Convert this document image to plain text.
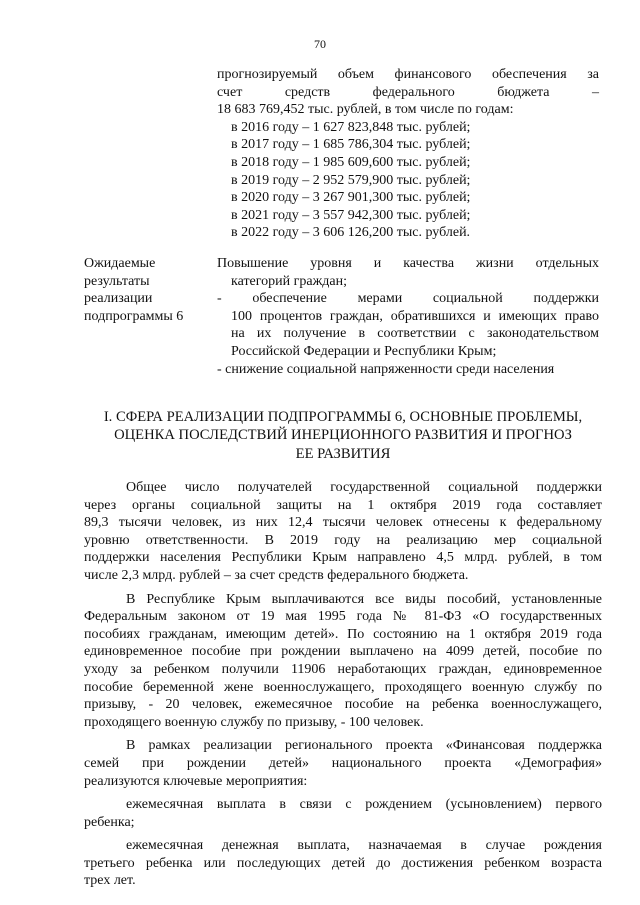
70
прогнозируемый объем финансового обеспечения за
счет средств федерального бюджета –
18 683 769,452 тыс. рублей, в том числе по годам:
в 2016 году – 1 627 823,848 тыс. рублей;
в 2017 году – 1 685 786,304 тыс. рублей;
в 2018 году – 1 985 609,600 тыс. рублей;
в 2019 году – 2 952 579,900 тыс. рублей;
в 2020 году – 3 267 901,300 тыс. рублей;
в 2021 году – 3 557 942,300 тыс. рублей;
в 2022 году – 3 606 126,200 тыс. рублей.
Ожидаемые
результаты
реализации
подпрограммы 6
Повышение уровня и качества жизни отдельных
категорий граждан;
- обеспечение мерами социальной поддержки
100 процентов граждан, обратившихся и имеющих право
на их получение в соответствии с законодательством
Российской Федерации и Республики Крым;
- снижение социальной напряженности среди населения
I. СФЕРА РЕАЛИЗАЦИИ ПОДПРОГРАММЫ 6, ОСНОВНЫЕ ПРОБЛЕМЫ,
ОЦЕНКА ПОСЛЕДСТВИЙ ИНЕРЦИОННОГО РАЗВИТИЯ И ПРОГНОЗ
ЕЕ РАЗВИТИЯ
Общее число получателей государственной социальной поддержки
через органы социальной защиты на 1 октября 2019 года составляет
89,3 тысячи человек, из них 12,4 тысячи человек отнесены к федеральному
уровню ответственности. В 2019 году на реализацию мер социальной
поддержки населения Республики Крым направлено 4,5 млрд. рублей, в том
числе 2,3 млрд. рублей – за счет средств федерального бюджета.
В Республике Крым выплачиваются все виды пособий, установленные
Федеральным законом от 19 мая 1995 года № 81-ФЗ «О государственных
пособиях гражданам, имеющим детей». По состоянию на 1 октября 2019 года
единовременное пособие при рождении выплачено на 4099 детей, пособие по
уходу за ребенком получили 11906 неработающих граждан, единовременное
пособие беременной жене военнослужащего, проходящего военную службу по
призыву, - 20 человек, ежемесячное пособие на ребенка военнослужащего,
проходящего военную службу по призыву, - 100 человек.
В рамках реализации регионального проекта «Финансовая поддержка
семей при рождении детей» национального проекта «Демография»
реализуются ключевые мероприятия:
ежемесячная выплата в связи с рождением (усыновлением) первого
ребенка;
ежемесячная денежная выплата, назначаемая в случае рождения
третьего ребенка или последующих детей до достижения ребенком возраста
трех лет.
